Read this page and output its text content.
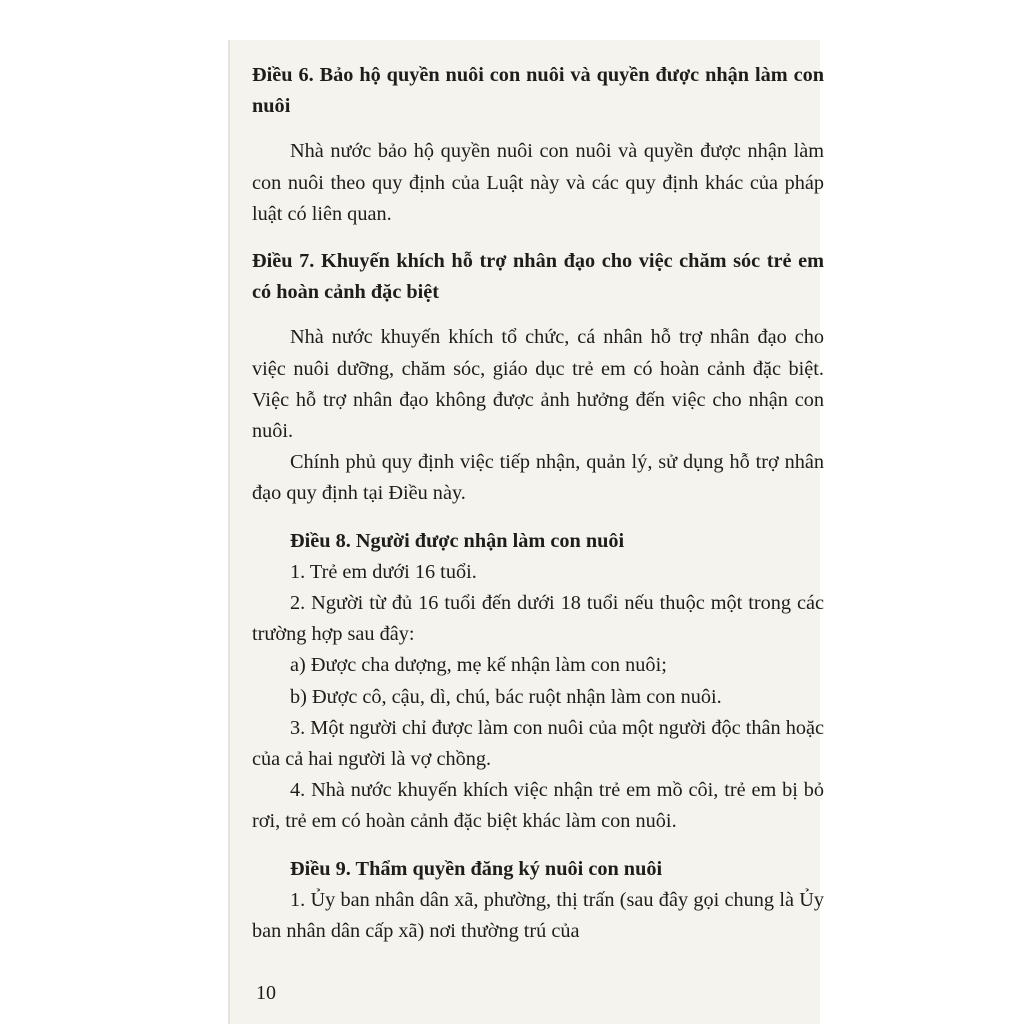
Điều 6. Bảo hộ quyền nuôi con nuôi và quyền được nhận làm con nuôi

Nhà nước bảo hộ quyền nuôi con nuôi và quyền được nhận làm con nuôi theo quy định của Luật này và các quy định khác của pháp luật có liên quan.

Điều 7. Khuyến khích hỗ trợ nhân đạo cho việc chăm sóc trẻ em có hoàn cảnh đặc biệt

Nhà nước khuyến khích tổ chức, cá nhân hỗ trợ nhân đạo cho việc nuôi dưỡng, chăm sóc, giáo dục trẻ em có hoàn cảnh đặc biệt. Việc hỗ trợ nhân đạo không được ảnh hưởng đến việc cho nhận con nuôi.

Chính phủ quy định việc tiếp nhận, quản lý, sử dụng hỗ trợ nhân đạo quy định tại Điều này.

Điều 8. Người được nhận làm con nuôi

1. Trẻ em dưới 16 tuổi.

2. Người từ đủ 16 tuổi đến dưới 18 tuổi nếu thuộc một trong các trường hợp sau đây:

a) Được cha dượng, mẹ kế nhận làm con nuôi;

b) Được cô, cậu, dì, chú, bác ruột nhận làm con nuôi.

3. Một người chỉ được làm con nuôi của một người độc thân hoặc của cả hai người là vợ chồng.

4. Nhà nước khuyến khích việc nhận trẻ em mồ côi, trẻ em bị bỏ rơi, trẻ em có hoàn cảnh đặc biệt khác làm con nuôi.

Điều 9. Thẩm quyền đăng ký nuôi con nuôi

1. Ủy ban nhân dân xã, phường, thị trấn (sau đây gọi chung là Ủy ban nhân dân cấp xã) nơi thường trú của

10
